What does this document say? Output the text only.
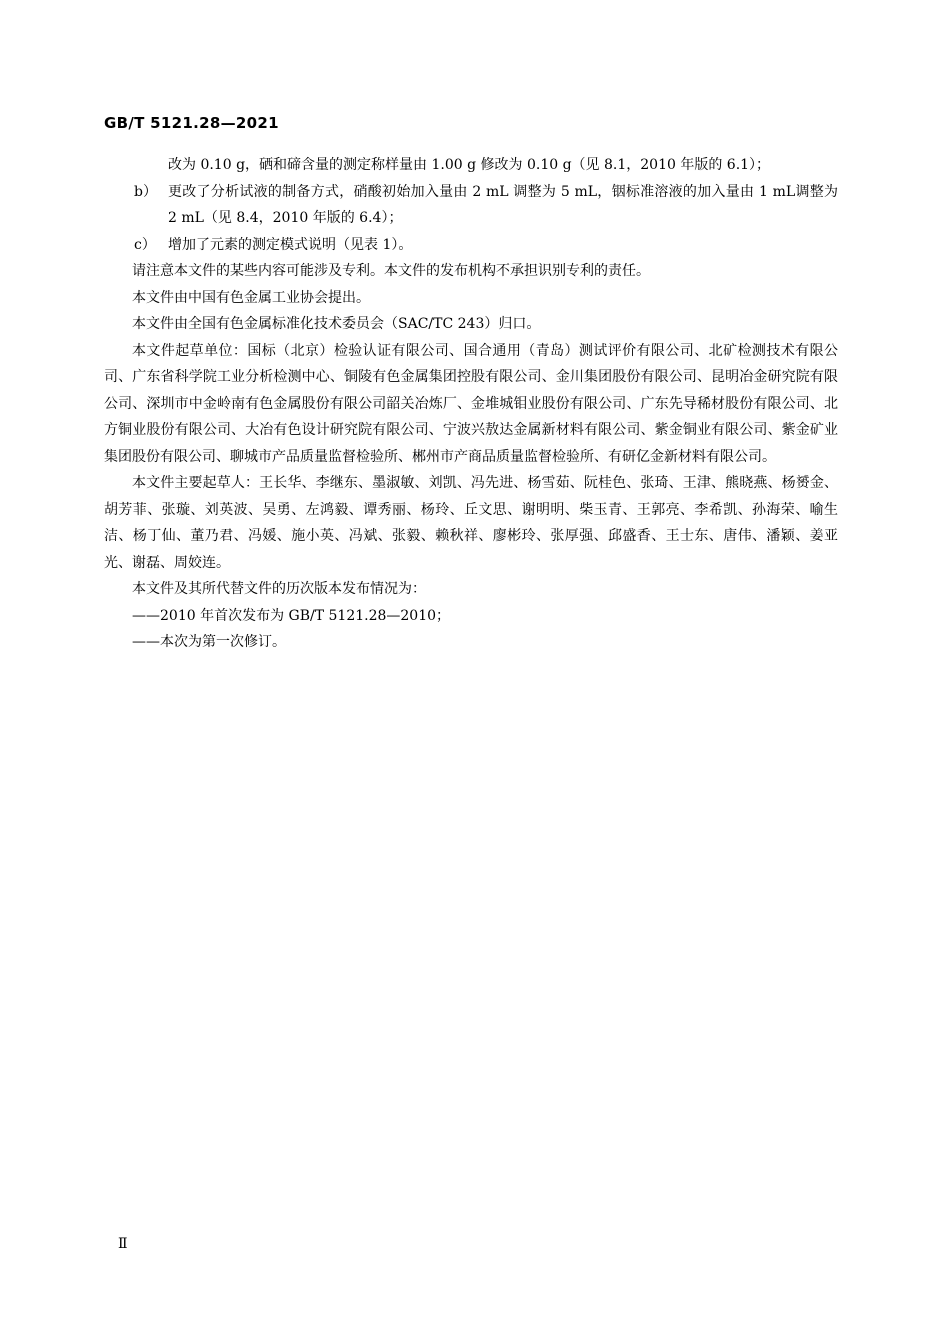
GB/T 5121.28—2021

改为 0.10 g，硒和碲含量的测定称样量由 1.00 g 修改为 0.10 g（见 8.1，2010 年版的 6.1）；

b） 更改了分析试液的制备方式，硝酸初始加入量由 2 mL 调整为 5 mL，铟标准溶液的加入量由 1 mL调整为 2 mL（见 8.4，2010 年版的 6.4）；
c） 增加了元素的测定模式说明（见表 1）。

请注意本文件的某些内容可能涉及专利。本文件的发布机构不承担识别专利的责任。

本文件由中国有色金属工业协会提出。

本文件由全国有色金属标准化技术委员会（SAC/TC 243）归口。

本文件起草单位：国标（北京）检验认证有限公司、国合通用（青岛）测试评价有限公司、北矿检测技术有限公司、广东省科学院工业分析检测中心、铜陵有色金属集团控股有限公司、金川集团股份有限公司、昆明冶金研究院有限公司、深圳市中金岭南有色金属股份有限公司韶关冶炼厂、金堆城钼业股份有限公司、广东先导稀材股份有限公司、北方铜业股份有限公司、大冶有色设计研究院有限公司、宁波兴敖达金属新材料有限公司、紫金铜业有限公司、紫金矿业集团股份有限公司、聊城市产品质量监督检验所、郴州市产商品质量监督检验所、有研亿金新材料有限公司。

本文件主要起草人：王长华、李继东、墨淑敏、刘凯、冯先进、杨雪茹、阮桂色、张琦、王津、熊晓燕、杨赟金、胡芳菲、张璇、刘英波、吴勇、左鸿毅、谭秀丽、杨玲、丘文思、谢明明、柴玉青、王郭亮、李希凯、孙海荣、喻生洁、杨丁仙、董乃君、冯媛、施小英、冯斌、张毅、赖秋祥、廖彬玲、张厚强、邱盛香、王士东、唐伟、潘颖、姜亚光、谢磊、周姣连。

本文件及其所代替文件的历次版本发布情况为：

——2010 年首次发布为 GB/T 5121.28—2010；

——本次为第一次修订。

Ⅱ
